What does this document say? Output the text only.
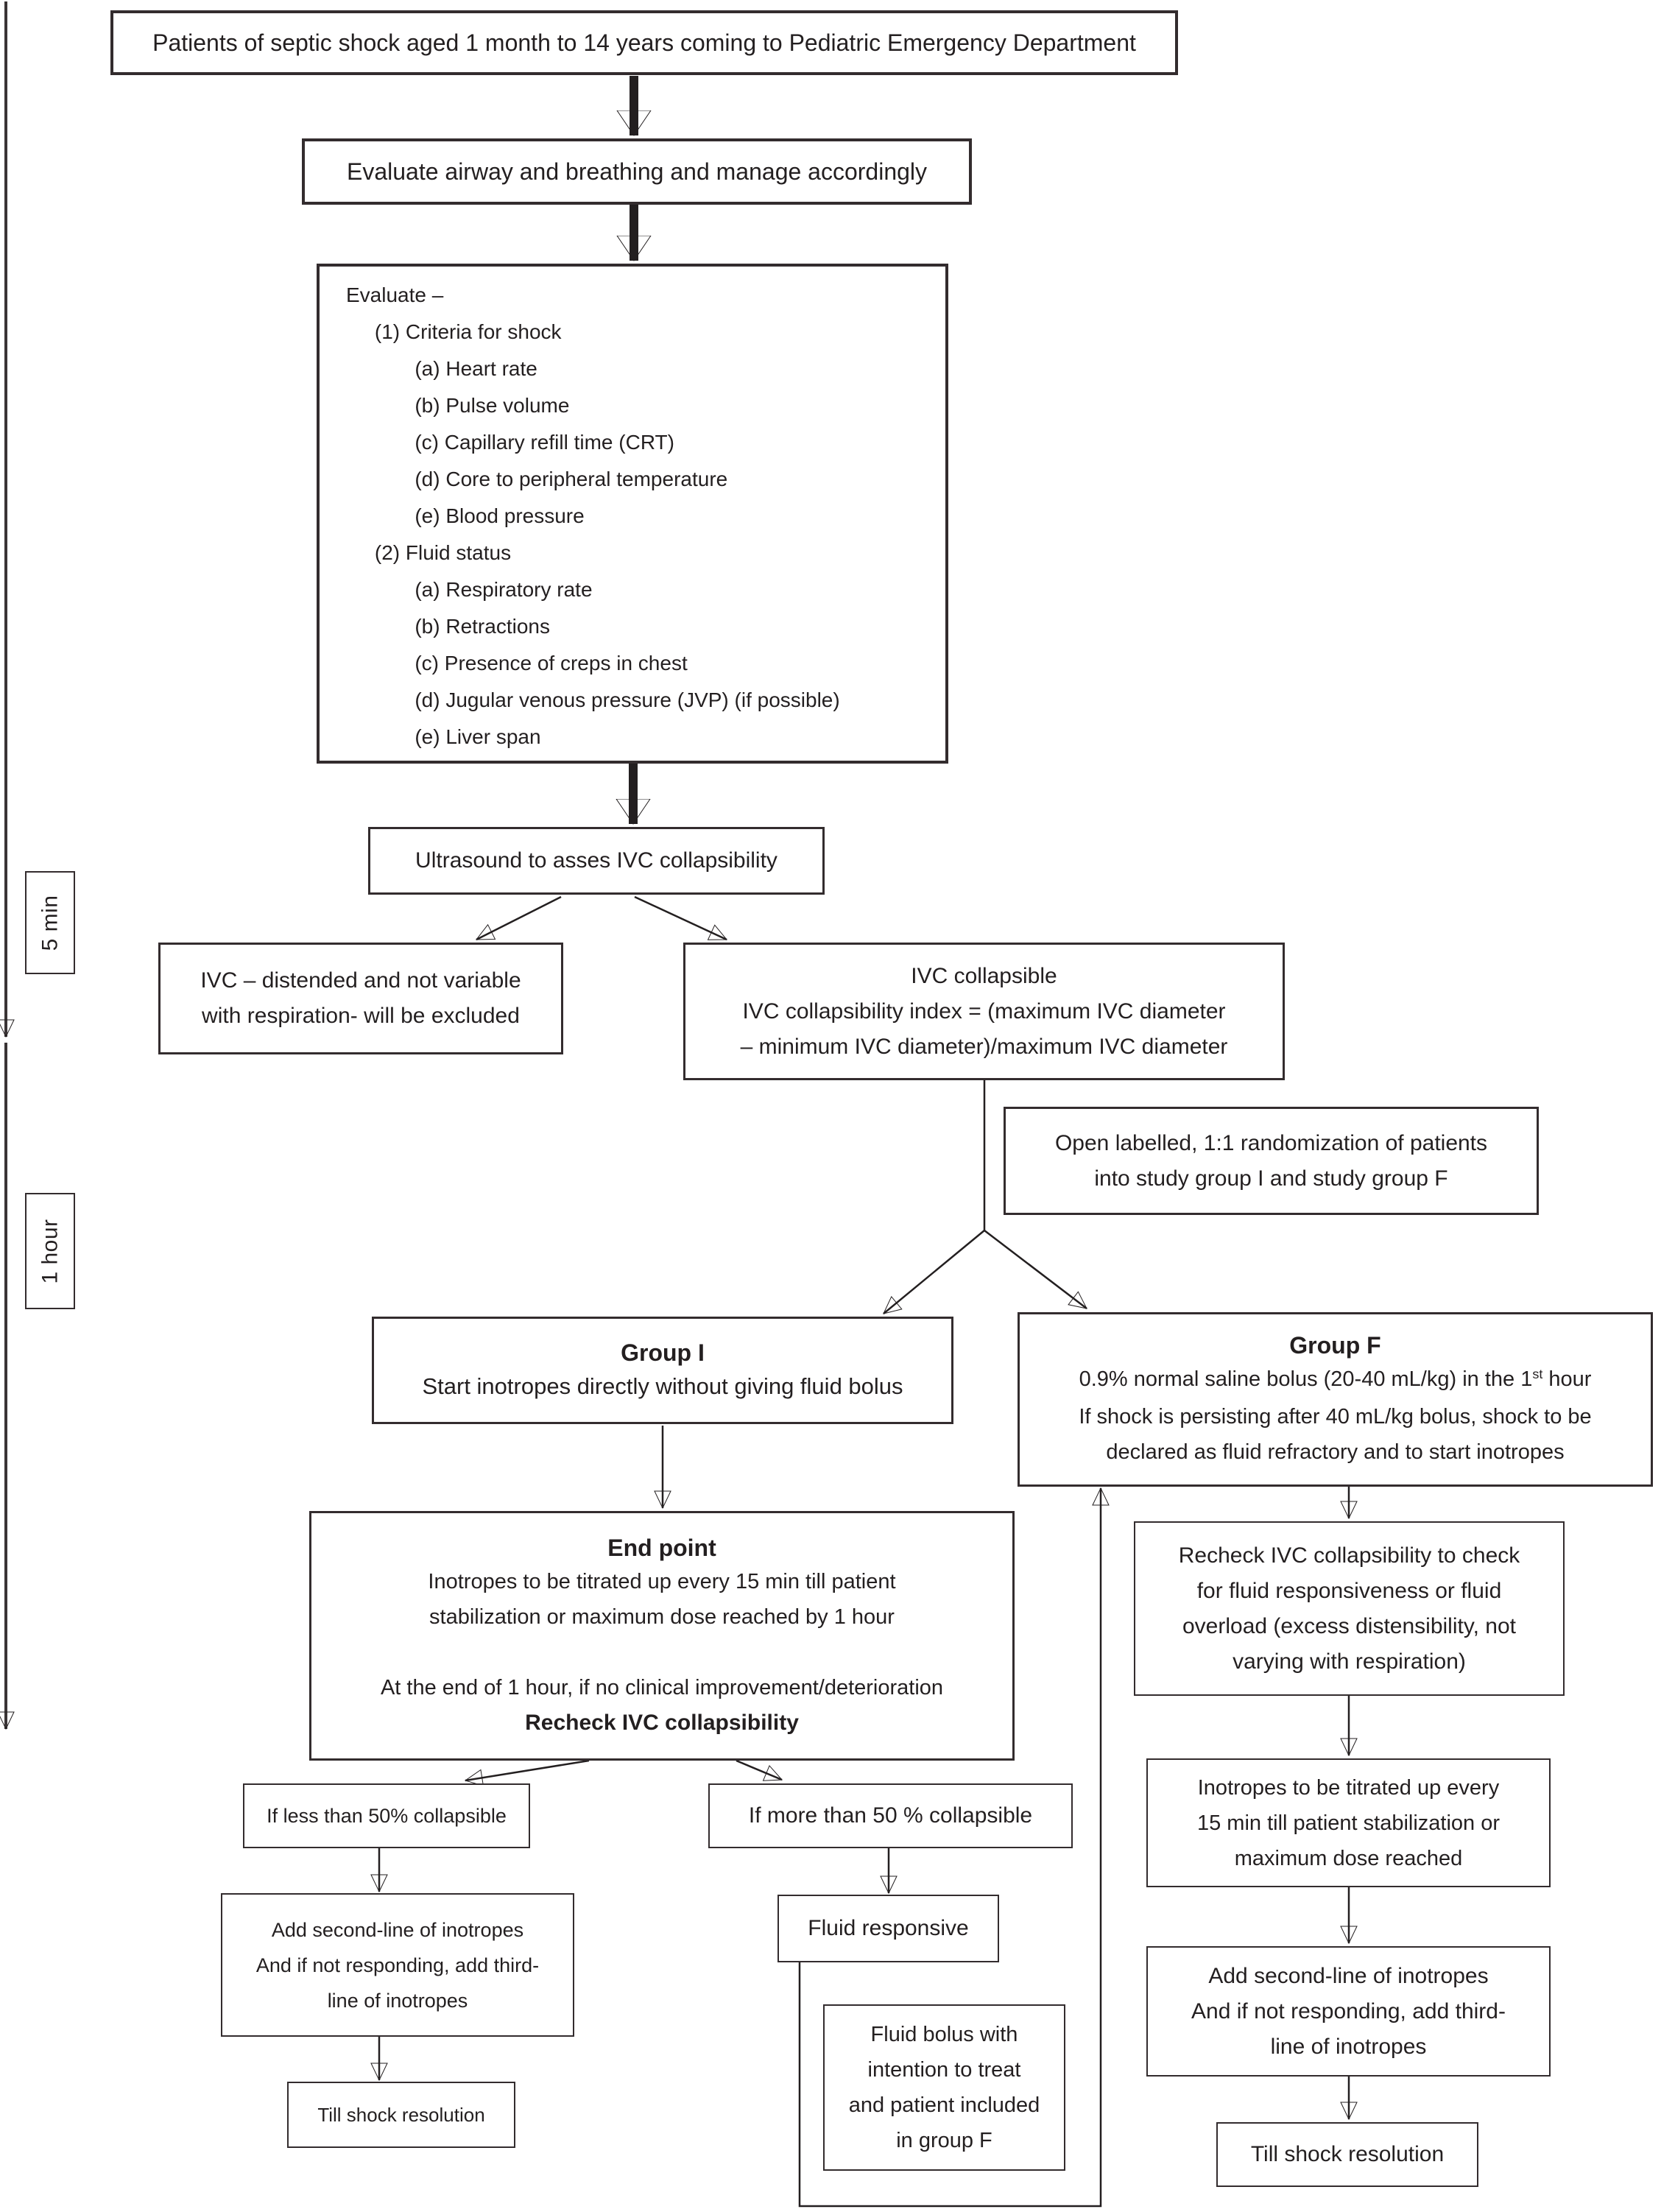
5 min
1 hour
Patients of septic shock aged 1 month to 14 years coming to Pediatric Emergency Department
Evaluate airway and breathing and manage accordingly
Evaluate –
(1) Criteria for shock
(a) Heart rate
(b) Pulse volume
(c) Capillary refill time (CRT)
(d) Core to peripheral temperature
(e) Blood pressure
(2) Fluid status
(a) Respiratory rate
(b) Retractions
(c) Presence of creps in chest
(d) Jugular venous pressure (JVP) (if possible)
(e) Liver span
Ultrasound to asses IVC collapsibility
IVC – distended and not variable
with respiration- will be excluded
IVC collapsible
IVC collapsibility index = (maximum IVC diameter
– minimum IVC diameter)/maximum IVC diameter
Open labelled, 1:1 randomization of patients
into study group I and study group F
Group I
Start inotropes directly without giving fluid bolus
Group F
0.9% normal saline bolus (20-40 mL/kg) in the 1st hour
If shock is persisting after 40 mL/kg bolus, shock to be
declared as fluid refractory and to start inotropes
End point
Inotropes to be titrated up every 15 min till patient
stabilization or maximum dose reached by 1 hour

At the end of 1 hour, if no clinical improvement/deterioration
Recheck IVC collapsibility
Recheck IVC collapsibility to check
for fluid responsiveness or fluid
overload (excess distensibility, not
varying with respiration)
Inotropes to be titrated up every
15 min till patient stabilization or
maximum dose reached
Add second-line of inotropes
And if not responding, add third-
line of inotropes
Till shock resolution
If less than 50% collapsible
Add second-line of inotropes
And if not responding, add third-
line of inotropes
Till shock resolution
If more than 50 % collapsible
Fluid responsive
Fluid bolus with
intention to treat
and patient included
in group F
